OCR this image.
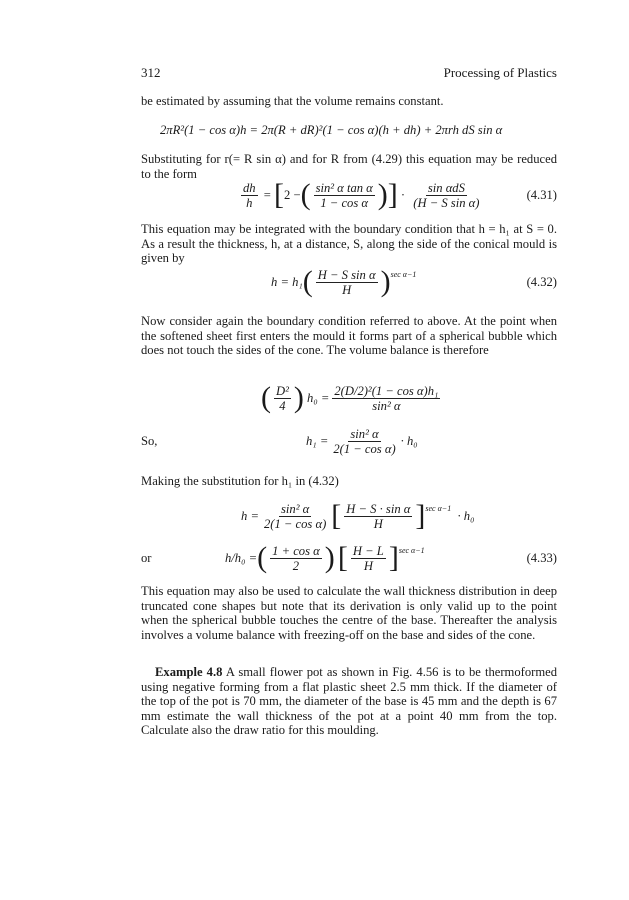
312	Processing of Plastics
be estimated by assuming that the volume remains constant.
2πR²(1 − cos α)h = 2π(R + dR)²(1 − cos α)(h + dh) + 2πrh dS sin α
Substituting for r(= R sin α) and for R from (4.29) this equation may be reduced to the form
$\frac{dh}{h}$ = [ 2 − ( $\frac{\text{sin² α tan α}}{\text{1 − cos α}}$ )] · sin αdS
(H − S sin α)
(4.31)
This equation may be integrated with the boundary condition that h = h₁ at S = 0. As a result the thickness, h, at a distance, S, along the side of the conical mould is given by
h = h₁ ( $\frac{\text{H − S sin α}}{H}$ ) sec α−1
(4.32)
Now consider again the boundary condition referred to above. At the point when the softened sheet first enters the mould it forms part of a spherical bubble which does not touch the sides of the cone. The volume balance is therefore
( $\frac{\text{D²}}{4}$ )
$h_0 = \frac{\text{2(D/2)²(1 − cos α)h₁}}{\text{sin² α}}$
So,	$h_1 = \frac{\text{sin² α}}{\text{2(1 − cos α)}} \cdot h_0$
Making the substitution for h₁ in (4.32)
$h = \frac{\text{sin² α}}{\text{2(1 − cos α)}}$ [ $\frac{\text{H − S · sin α}}{H}$ ] sec α−1

· h₀
or	h/h₀ = ( $\frac{\text{1 + cos α}}{2}$ )
[ $\frac{H - L}{H}$ ] sec α−1
(4.33)
This equation may also be used to calculate the wall thickness distribution in deep truncated cone shapes but note that its derivation is only valid up to the point when the spherical bubble touches the centre of the base. Thereafter the analysis involves a volume balance with freezing-off on the base and sides of the cone.
Example 4.8 A small flower pot as shown in Fig. 4.56 is to be thermoformed using negative forming from a flat plastic sheet 2.5 mm thick. If the diameter of the top of the pot is 70 mm, the diameter of the base is 45 mm and the depth is 67 mm estimate the wall thickness of the pot at a point 40 mm from the top. Calculate also the draw ratio for this moulding.
